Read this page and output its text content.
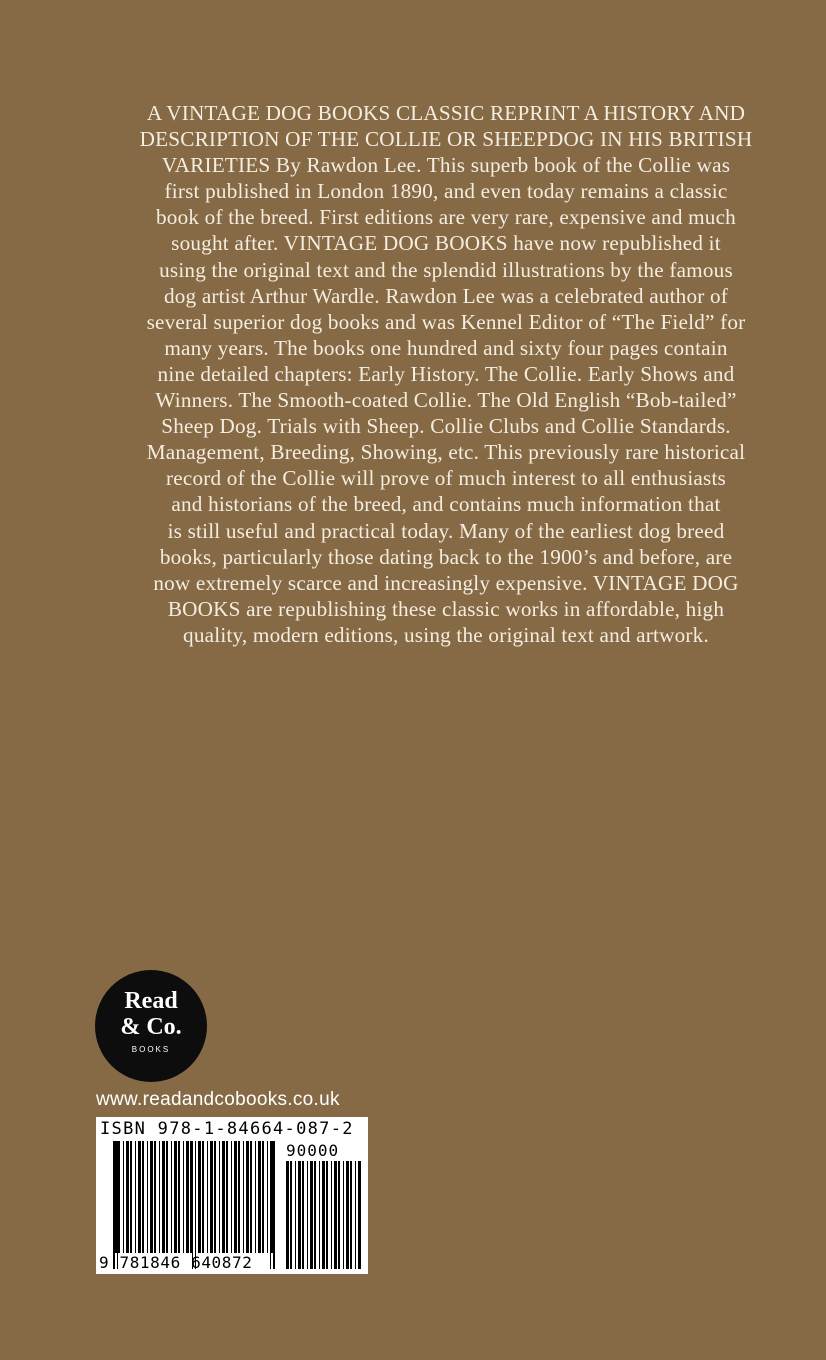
A VINTAGE DOG BOOKS CLASSIC REPRINT A HISTORY AND
DESCRIPTION OF THE COLLIE OR SHEEPDOG IN HIS BRITISH
VARIETIES By Rawdon Lee. This superb book of the Collie was
first published in London 1890, and even today remains a classic
book of the breed. First editions are very rare, expensive and much
sought after. VINTAGE DOG BOOKS have now republished it
using the original text and the splendid illustrations by the famous
dog artist Arthur Wardle. Rawdon Lee was a celebrated author of
several superior dog books and was Kennel Editor of “The Field” for
many years. The books one hundred and sixty four pages contain
nine detailed chapters: Early History. The Collie. Early Shows and
Winners. The Smooth-coated Collie. The Old English “Bob-tailed”
Sheep Dog. Trials with Sheep. Collie Clubs and Collie Standards.
Management, Breeding, Showing, etc. This previously rare historical
record of the Collie will prove of much interest to all enthusiasts
and historians of the breed, and contains much information that
is still useful and practical today. Many of the earliest dog breed
books, particularly those dating back to the 1900’s and before, are
now extremely scarce and increasingly expensive. VINTAGE DOG
BOOKS are republishing these classic works in affordable, high
quality, modern editions, using the original text and artwork.
Read
& Co.
BOOKS
www.readandcobooks.co.uk
ISBN 978-1-84664-087-2
90000
9 781846 640872
